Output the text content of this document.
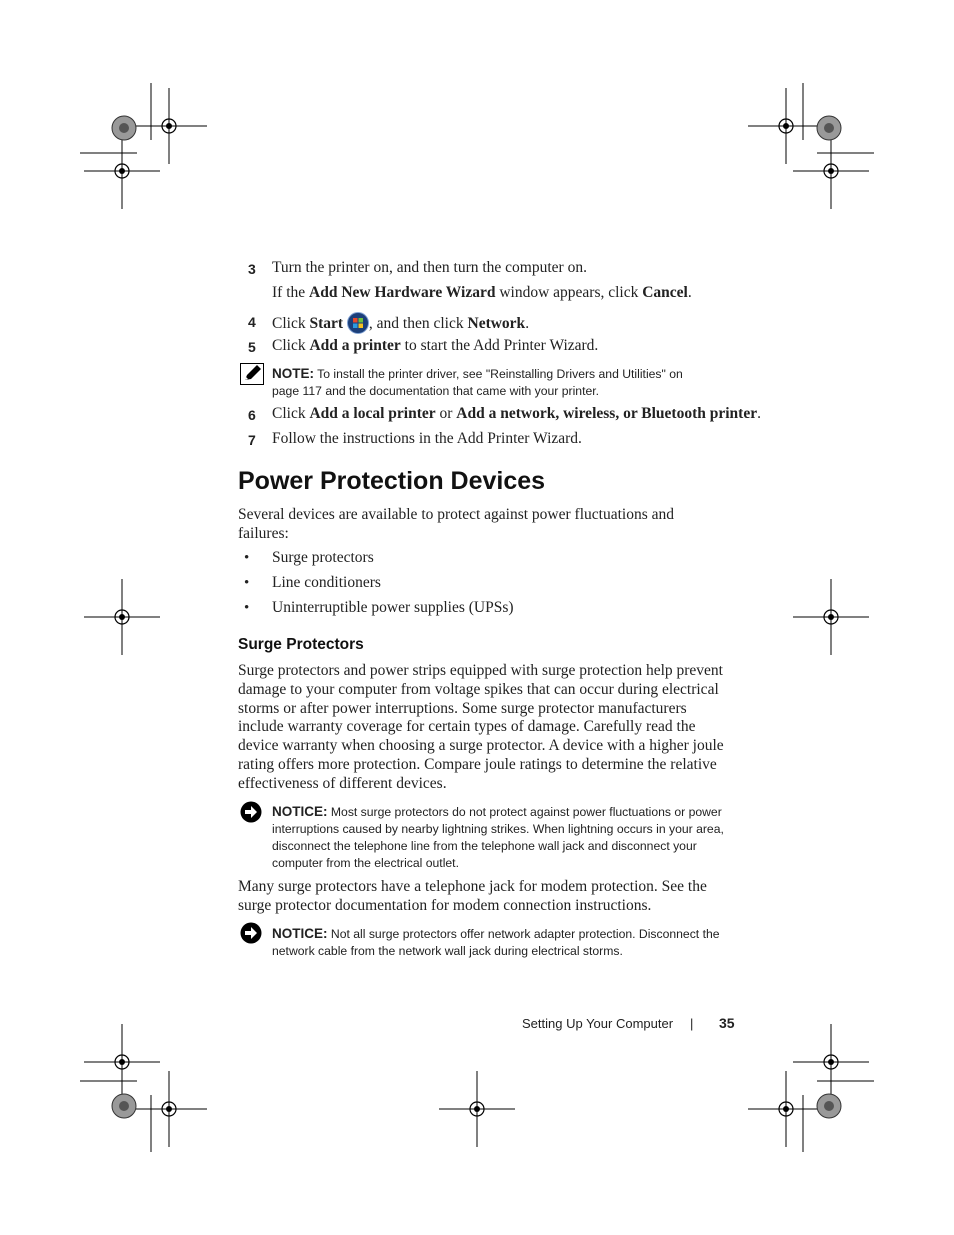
3 Turn the printer on, and then turn the computer on.
If the Add New Hardware Wizard window appears, click Cancel.
4 Click Start , and then click Network.
5 Click Add a printer to start the Add Printer Wizard.
NOTE: To install the printer driver, see "Reinstalling Drivers and Utilities" on
page 117 and the documentation that came with your printer.
6 Click Add a local printer or Add a network, wireless, or Bluetooth printer.
7 Follow the instructions in the Add Printer Wizard.
Power Protection Devices
Several devices are available to protect against power fluctuations and failures:
• Surge protectors
• Line conditioners
• Uninterruptible power supplies (UPSs)
Surge Protectors
Surge protectors and power strips equipped with surge protection help prevent damage to your computer from voltage spikes that can occur during electrical storms or after power interruptions. Some surge protector manufacturers include warranty coverage for certain types of damage. Carefully read the device warranty when choosing a surge protector. A device with a higher joule rating offers more protection. Compare joule ratings to determine the relative effectiveness of different devices.
NOTICE: Most surge protectors do not protect against power fluctuations or power interruptions caused by nearby lightning strikes. When lightning occurs in your area, disconnect the telephone line from the telephone wall jack and disconnect your computer from the electrical outlet.
Many surge protectors have a telephone jack for modem protection. See the surge protector documentation for modem connection instructions.
NOTICE: Not all surge protectors offer network adapter protection. Disconnect the network cable from the network wall jack during electrical storms.
Setting Up Your Computer | 35
